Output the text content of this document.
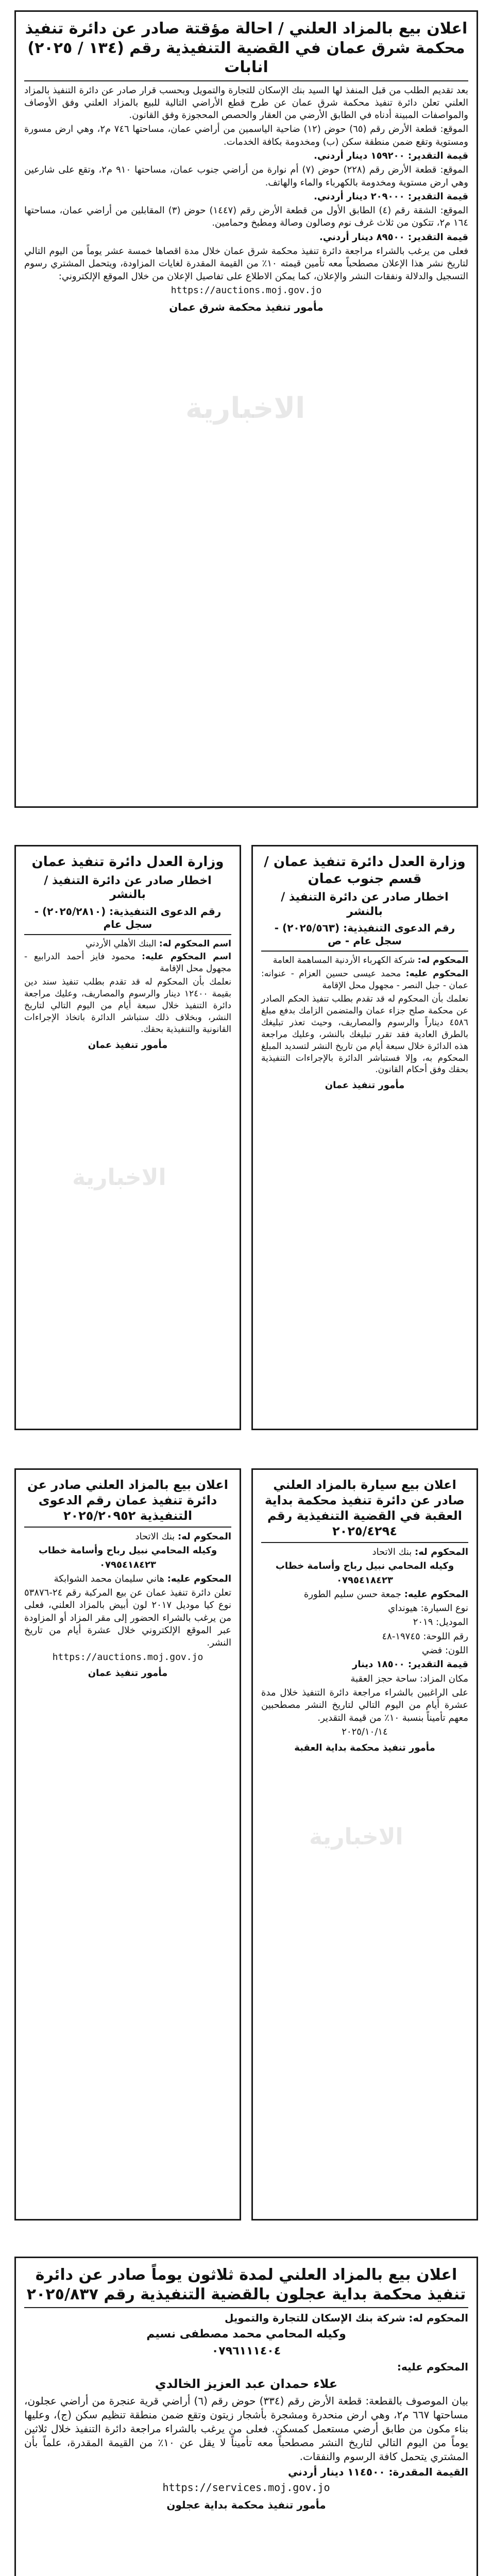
اعلان بيع بالمزاد العلني / احالة مؤقتة صادر عن دائرة تنفيذ محكمة شرق عمان في القضية التنفيذية رقم (١٣٤ / ٢٠٢٥) انابات

بعد تقديم الطلب من قبل المنفذ لها السيد بنك الإسكان للتجارة والتمويل وبحسب قرار صادر عن دائرة التنفيذ بالمزاد العلني تعلن دائرة تنفيذ محكمة شرق عمان عن طرح قطع الأراضي التالية للبيع بالمزاد العلني وفق الأوصاف والمواصفات المبينة أدناه في الطابق الأرضي من العقار والحصص المحجوزة وفق القانون.

الموقع: قطعة الأرض رقم (٦٥) حوض (١٢) ضاحية الياسمين من أراضي عمان، مساحتها ٧٤٦ م٢، وهي ارض مسورة ومستوية وتقع ضمن منطقة سكن (ب) ومخدومة بكافة الخدمات.

قيمة التقدير: ١٥٩٢٠٠ دينار أردني.

الموقع: قطعة الأرض رقم (٢٢٨) حوض (٧) أم نوارة من أراضي جنوب عمان، مساحتها ٩١٠ م٢، وتقع على شارعين وهي ارض مستوية ومخدومة بالكهرباء والماء والهاتف.

قيمة التقدير: ٢٠٩٠٠٠ دينار أردني.

الموقع: الشقة رقم (٤) الطابق الأول من قطعة الأرض رقم (١٤٤٧) حوض (٣) المقابلين من أراضي عمان، مساحتها ١٦٤ م٢، تتكون من ثلاث غرف نوم وصالون وصالة ومطبخ وحمامين.

قيمة التقدير: ٨٩٥٠٠ دينار أردني.

فعلى من يرغب بالشراء مراجعة دائرة تنفيذ محكمة شرق عمان خلال مدة اقصاها خمسة عشر يوماً من اليوم التالي لتاريخ نشر هذا الإعلان مصطحباً معه تأمين قيمته ١٠٪ من القيمة المقدرة لغايات المزاودة، ويتحمل المشتري رسوم التسجيل والدلالة ونفقات النشر والإعلان، كما يمكن الاطلاع على تفاصيل الإعلان من خلال الموقع الإلكتروني:

https://auctions.moj.gov.jo

مأمور تنفيذ محكمة شرق عمان
وزارة العدل دائرة تنفيذ عمان / قسم جنوب عمان
اخطار صادر عن دائرة التنفيذ / بالنشر
رقم الدعوى التنفيذية: (٢٠٢٥/٥٦٣) - سجل عام - ص

المحكوم له: شركة الكهرباء الأردنية المساهمة العامة

المحكوم عليه: محمد عيسى حسين العزام - عنوانه: عمان - جبل النصر - مجهول محل الإقامة

نعلمك بأن المحكوم له قد تقدم بطلب تنفيذ الحكم الصادر عن محكمة صلح جزاء عمان والمتضمن الزامك بدفع مبلغ ٤٥٨٦ ديناراً والرسوم والمصاريف، وحيث تعذر تبليغك بالطرق العادية فقد تقرر تبليغك بالنشر، وعليك مراجعة هذه الدائرة خلال سبعة أيام من تاريخ النشر لتسديد المبلغ المحكوم به، وإلا فستباشر الدائرة بالإجراءات التنفيذية بحقك وفق أحكام القانون.

مأمور تنفيذ عمان
وزارة العدل دائرة تنفيذ عمان
اخطار صادر عن دائرة التنفيذ / بالنشر
رقم الدعوى التنفيذية: (٢٠٢٥/٢٨١٠) - سجل عام

اسم المحكوم له: البنك الأهلي الأردني

اسم المحكوم عليه: محمود فايز أحمد الدرابيع - مجهول محل الإقامة

نعلمك بأن المحكوم له قد تقدم بطلب تنفيذ سند دين بقيمة ١٢٤٠٠ دينار والرسوم والمصاريف، وعليك مراجعة دائرة التنفيذ خلال سبعة أيام من اليوم التالي لتاريخ النشر، وبخلاف ذلك ستباشر الدائرة باتخاذ الإجراءات القانونية والتنفيذية بحقك.

مأمور تنفيذ عمان
اعلان بيع سيارة بالمزاد العلني صادر عن دائرة تنفيذ محكمة بداية العقبة في القضية التنفيذية رقم ٢٠٢٥/٤٢٩٤

المحكوم له: بنك الاتحاد

وكيله المحامي نبيل رباح وأسامة خطاب

٠٧٩٥٤١٨٤٢٣

المحكوم عليه: جمعة حسن سليم الطورة

نوع السيارة: هيونداي

الموديل: ٢٠١٩

رقم اللوحة: ١٩٧٤٥-٤٨

اللون: فضي

قيمة التقدير: ١٨٥٠٠ دينار

مكان المزاد: ساحة حجز العقبة

على الراغبين بالشراء مراجعة دائرة التنفيذ خلال مدة عشرة أيام من اليوم التالي لتاريخ النشر مصطحبين معهم تأميناً بنسبة ١٠٪ من قيمة التقدير.

٢٠٢٥/١٠/١٤

مأمور تنفيذ محكمة بداية العقبة
اعلان بيع بالمزاد العلني صادر عن دائرة تنفيذ عمان رقم الدعوى التنفيذية ٢٠٢٥/٢٠٩٥٢

المحكوم له: بنك الاتحاد

وكيله المحامي نبيل رباح وأسامة خطاب

٠٧٩٥٤١٨٤٢٣

المحكوم عليه: هاني سليمان محمد الشوابكة

تعلن دائرة تنفيذ عمان عن بيع المركبة رقم ٢٤-٥٣٨٧٦ نوع كيا موديل ٢٠١٧ لون أبيض بالمزاد العلني، فعلى من يرغب بالشراء الحضور إلى مقر المزاد أو المزاودة عبر الموقع الإلكتروني خلال عشرة أيام من تاريخ النشر.

https://auctions.moj.gov.jo

مأمور تنفيذ عمان
اعلان بيع بالمزاد العلني لمدة ثلاثون يوماً صادر عن دائرة تنفيذ محكمة بداية عجلون بالقضية التنفيذية رقم ٢٠٢٥/٨٣٧

المحكوم له: شركة بنك الإسكان للتجارة والتمويل

وكيله المحامي محمد مصطفى نسيم

٠٧٩٦١١١٤٠٤

المحكوم عليه:

علاء حمدان عبد العزيز الخالدي

بيان الموصوف بالقطعة: قطعة الأرض رقم (٣٣٤) حوض رقم (٦) أراضي قرية عنجرة من أراضي عجلون، مساحتها ٦٦٧ م٢، وهي ارض منحدرة ومشجرة بأشجار زيتون وتقع ضمن منطقة تنظيم سكن (ج)، وعليها بناء مكون من طابق أرضي مستعمل كمسكن. فعلى من يرغب بالشراء مراجعة دائرة التنفيذ خلال ثلاثين يوماً من اليوم التالي لتاريخ النشر مصطحباً معه تأميناً لا يقل عن ١٠٪ من القيمة المقدرة، علماً بأن المشتري يتحمل كافة الرسوم والنفقات.

القيمة المقدرة: ١١٤٥٠٠ دينار أردني

https://services.moj.gov.jo

مأمور تنفيذ محكمة بداية عجلون
الاخبارية
الاخبارية
الاخبارية
